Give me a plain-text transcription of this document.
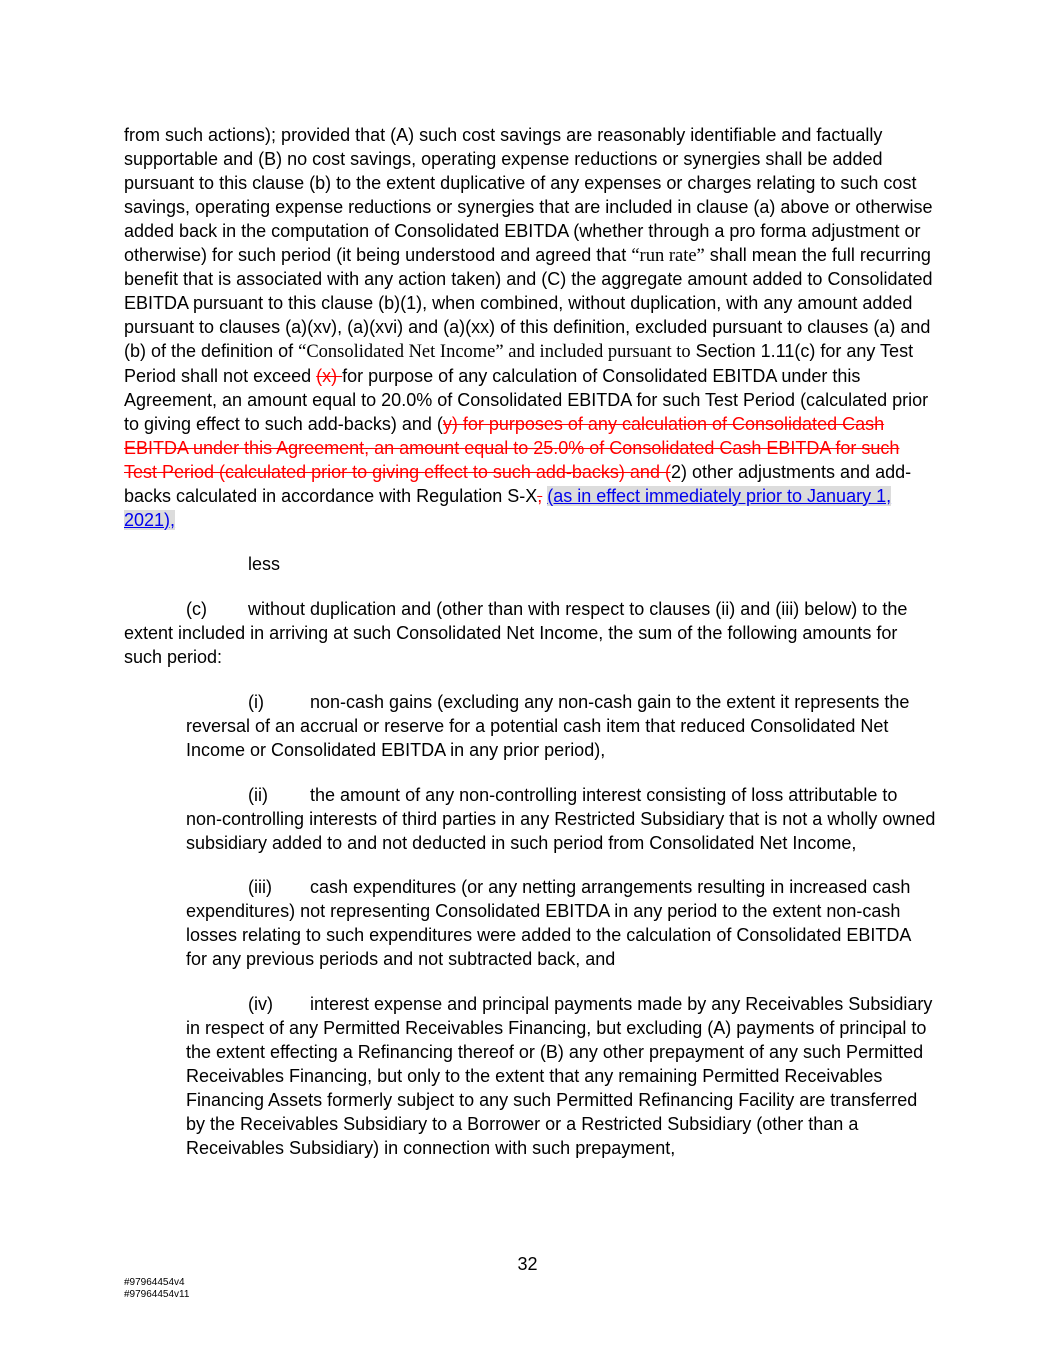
from such actions); provided that (A) such cost savings are reasonably identifiable and factually supportable and (B) no cost savings, operating expense reductions or synergies shall be added pursuant to this clause (b) to the extent duplicative of any expenses or charges relating to such cost savings, operating expense reductions or synergies that are included in clause (a) above or otherwise added back in the computation of Consolidated EBITDA (whether through a pro forma adjustment or otherwise) for such period (it being understood and agreed that “run rate” shall mean the full recurring benefit that is associated with any action taken) and (C) the aggregate amount added to Consolidated EBITDA pursuant to this clause (b)(1), when combined, without duplication, with any amount added pursuant to clauses (a)(xv), (a)(xvi) and (a)(xx) of this definition, excluded pursuant to clauses (a) and (b) of the definition of “Consolidated Net Income” and included pursuant to Section 1.11(c) for any Test Period shall not exceed (x) for purpose of any calculation of Consolidated EBITDA under this Agreement, an amount equal to 20.0% of Consolidated EBITDA for such Test Period (calculated prior to giving effect to such add-backs) and (y) for purposes of any calculation of Consolidated Cash EBITDA under this Agreement, an amount equal to 25.0% of Consolidated Cash EBITDA for such Test Period (calculated prior to giving effect to such add-backs) and (2) other adjustments and add-backs calculated in accordance with Regulation S-X, (as in effect immediately prior to January 1, 2021),

less

(c) without duplication and (other than with respect to clauses (ii) and (iii) below) to the extent included in arriving at such Consolidated Net Income, the sum of the following amounts for such period:

(i)	non-cash gains (excluding any non-cash gain to the extent it represents the reversal of an accrual or reserve for a potential cash item that reduced Consolidated Net Income or Consolidated EBITDA in any prior period),

(ii) the amount of any non-controlling interest consisting of loss attributable to non-controlling interests of third parties in any Restricted Subsidiary that is not a wholly owned subsidiary added to and not deducted in such period from Consolidated Net Income,

(iii) cash expenditures (or any netting arrangements resulting in increased cash expenditures) not representing Consolidated EBITDA in any period to the extent non-cash losses relating to such expenditures were added to the calculation of Consolidated EBITDA for any previous periods and not subtracted back, and

(iv) interest expense and principal payments made by any Receivables Subsidiary in respect of any Permitted Receivables Financing, but excluding (A) payments of principal to the extent effecting a Refinancing thereof or (B) any other prepayment of any such Permitted Receivables Financing, but only to the extent that any remaining Permitted Receivables Financing Assets formerly subject to any such Permitted Refinancing Facility are transferred by the Receivables Subsidiary to a Borrower or a Restricted Subsidiary (other than a Receivables Subsidiary) in connection with such prepayment,

32
#97964454v4
#97964454v11
